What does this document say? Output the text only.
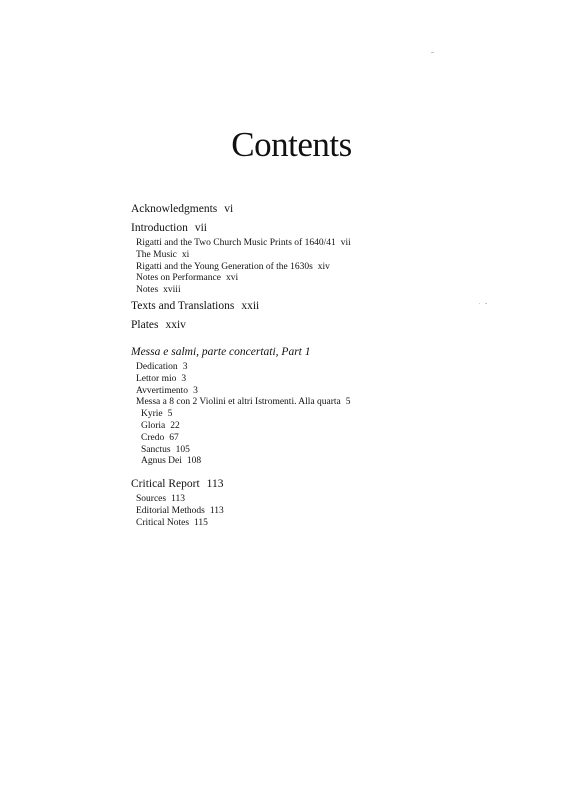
Contents
Acknowledgments vi
Introduction vii
Rigatti and the Two Church Music Prints of 1640/41 vii
The Music xi
Rigatti and the Young Generation of the 1630s xiv
Notes on Performance xvi
Notes xviii
Texts and Translations xxii
Plates xxiv
Messa e salmi, parte concertati, Part 1
Dedication 3
Lettor mio 3
Avvertimento 3
Messa a 8 con 2 Violini et altri Istromenti. Alla quarta 5
Kyrie 5
Gloria 22
Credo 67
Sanctus 105
Agnus Dei 108
Critical Report 113
Sources 113
Editorial Methods 113
Critical Notes 115
